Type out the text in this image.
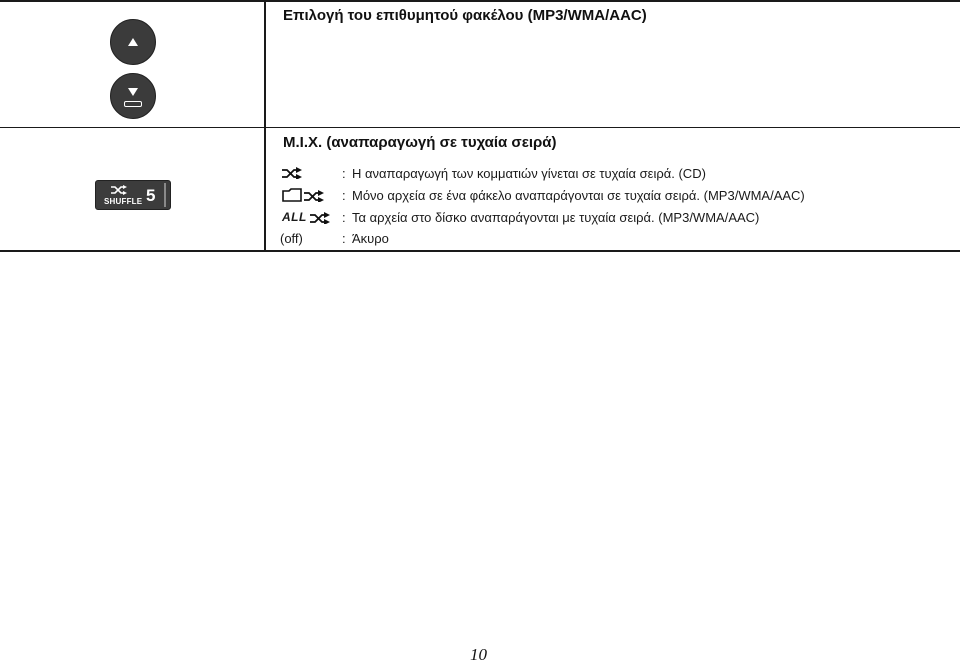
Επιλογή του επιθυμητού φακέλου (MP3/WMA/AAC)
SHUFFLE 5
M.I.X. (αναπαραγωγή σε τυχαία σειρά)
: Η αναπαραγωγή των κομματιών γίνεται σε τυχαία σειρά. (CD)
: Μόνο αρχεία σε ένα φάκελο αναπαράγονται σε τυχαία σειρά. (MP3/WMA/AAC)
ALL	: Τα αρχεία στο δίσκο αναπαράγονται με τυχαία σειρά. (MP3/WMA/AAC)
(off)	: Άκυρο
10
